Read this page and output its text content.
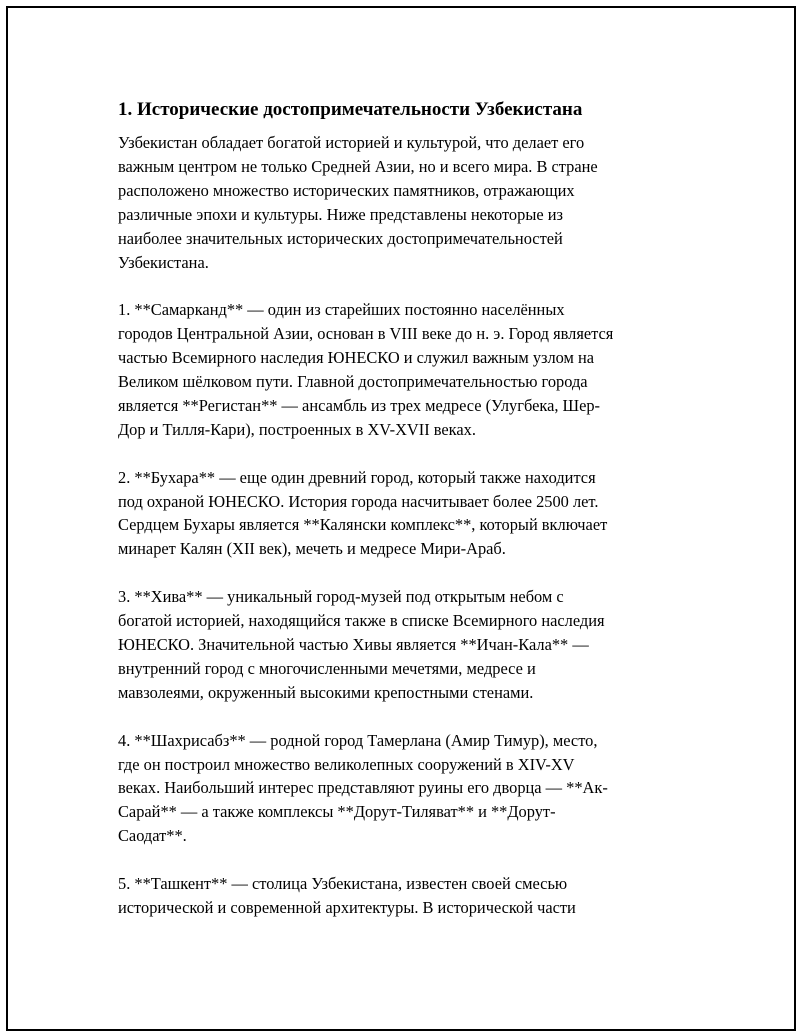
1. Исторические достопримечательности Узбекистана
Узбекистан обладает богатой историей и культурой, что делает его
важным центром не только Средней Азии, но и всего мира. В стране
расположено множество исторических памятников, отражающих
различные эпохи и культуры. Ниже представлены некоторые из
наиболее значительных исторических достопримечательностей
Узбекистана.
1. **Самарканд** — один из старейших постоянно населённых
городов Центральной Азии, основан в VIII веке до н. э. Город является
частью Всемирного наследия ЮНЕСКО и служил важным узлом на
Великом шёлковом пути. Главной достопримечательностью города
является **Регистан** — ансамбль из трех медресе (Улугбека, Шер-
Дор и Тилля-Кари), построенных в XV-XVII веках.
2. **Бухара** — еще один древний город, который также находится
под охраной ЮНЕСКО. История города насчитывает более 2500 лет.
Сердцем Бухары является **Калянски комплекс**, который включает
минарет Калян (XII век), мечеть и медресе Мири-Араб.
3. **Хива** — уникальный город-музей под открытым небом с
богатой историей, находящийся также в списке Всемирного наследия
ЮНЕСКО. Значительной частью Хивы является **Ичан-Кала** —
внутренний город с многочисленными мечетями, медресе и
мавзолеями, окруженный высокими крепостными стенами.
4. **Шахрисабз** — родной город Тамерлана (Амир Тимур), место,
где он построил множество великолепных сооружений в XIV-XV
веках. Наибольший интерес представляют руины его дворца — **Ак-
Сарай** — а также комплексы **Дорут-Тиляват** и **Дорут-
Саодат**.
5. **Ташкент** — столица Узбекистана, известен своей смесью
исторической и современной архитектуры. В исторической части
